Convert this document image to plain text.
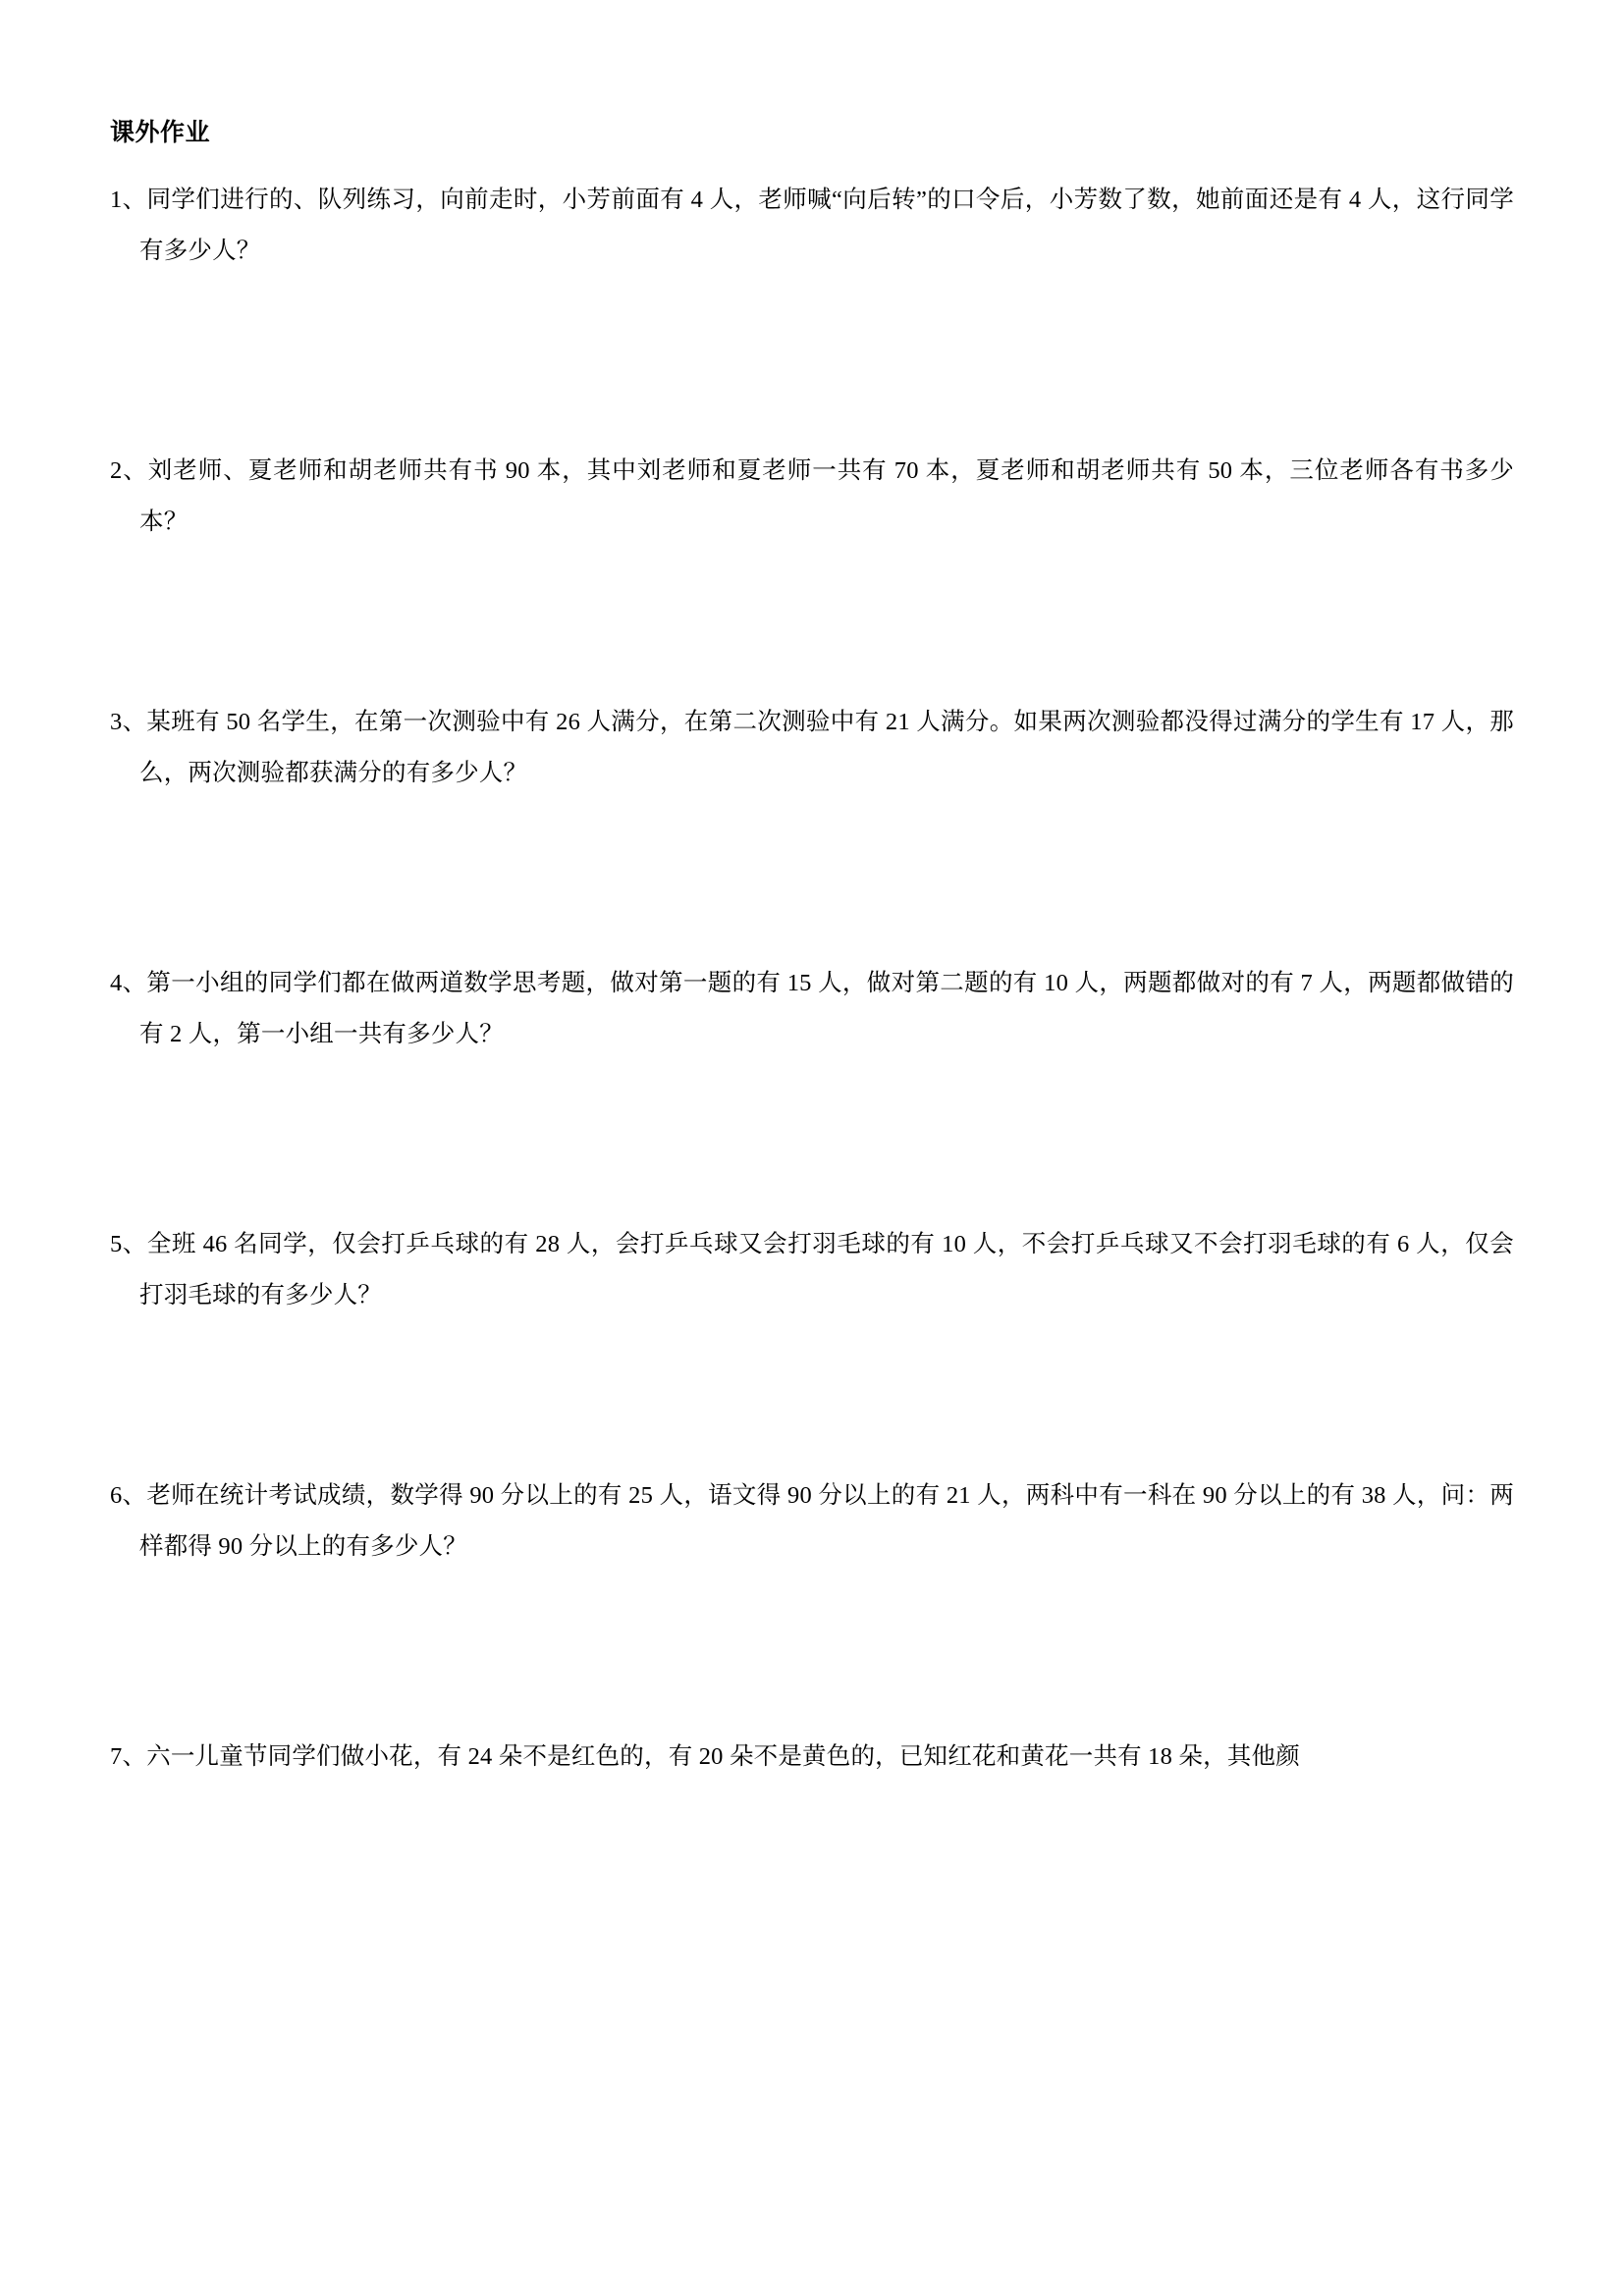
课外作业
1、同学们进行的、队列练习，向前走时，小芳前面有 4 人，老师喊“向后转”的口令后，小芳数了数，她前面还是有 4 人，这行同学有多少人？
2、刘老师、夏老师和胡老师共有书 90 本，其中刘老师和夏老师一共有 70 本，夏老师和胡老师共有 50 本，三位老师各有书多少本？
3、某班有 50 名学生，在第一次测验中有 26 人满分，在第二次测验中有 21 人满分。如果两次测验都没得过满分的学生有 17 人，那么，两次测验都获满分的有多少人？
4、第一小组的同学们都在做两道数学思考题，做对第一题的有 15 人，做对第二题的有 10 人，两题都做对的有 7 人，两题都做错的有 2 人，第一小组一共有多少人？
5、全班 46 名同学，仅会打乒乓球的有 28 人，会打乒乓球又会打羽毛球的有 10 人，不会打乒乓球又不会打羽毛球的有 6 人，仅会打羽毛球的有多少人？
6、老师在统计考试成绩，数学得 90 分以上的有 25 人，语文得 90 分以上的有 21 人，两科中有一科在 90 分以上的有 38 人，问：两样都得 90 分以上的有多少人？
7、六一儿童节同学们做小花，有 24 朵不是红色的，有 20 朵不是黄色的，已知红花和黄花一共有 18 朵，其他颜
